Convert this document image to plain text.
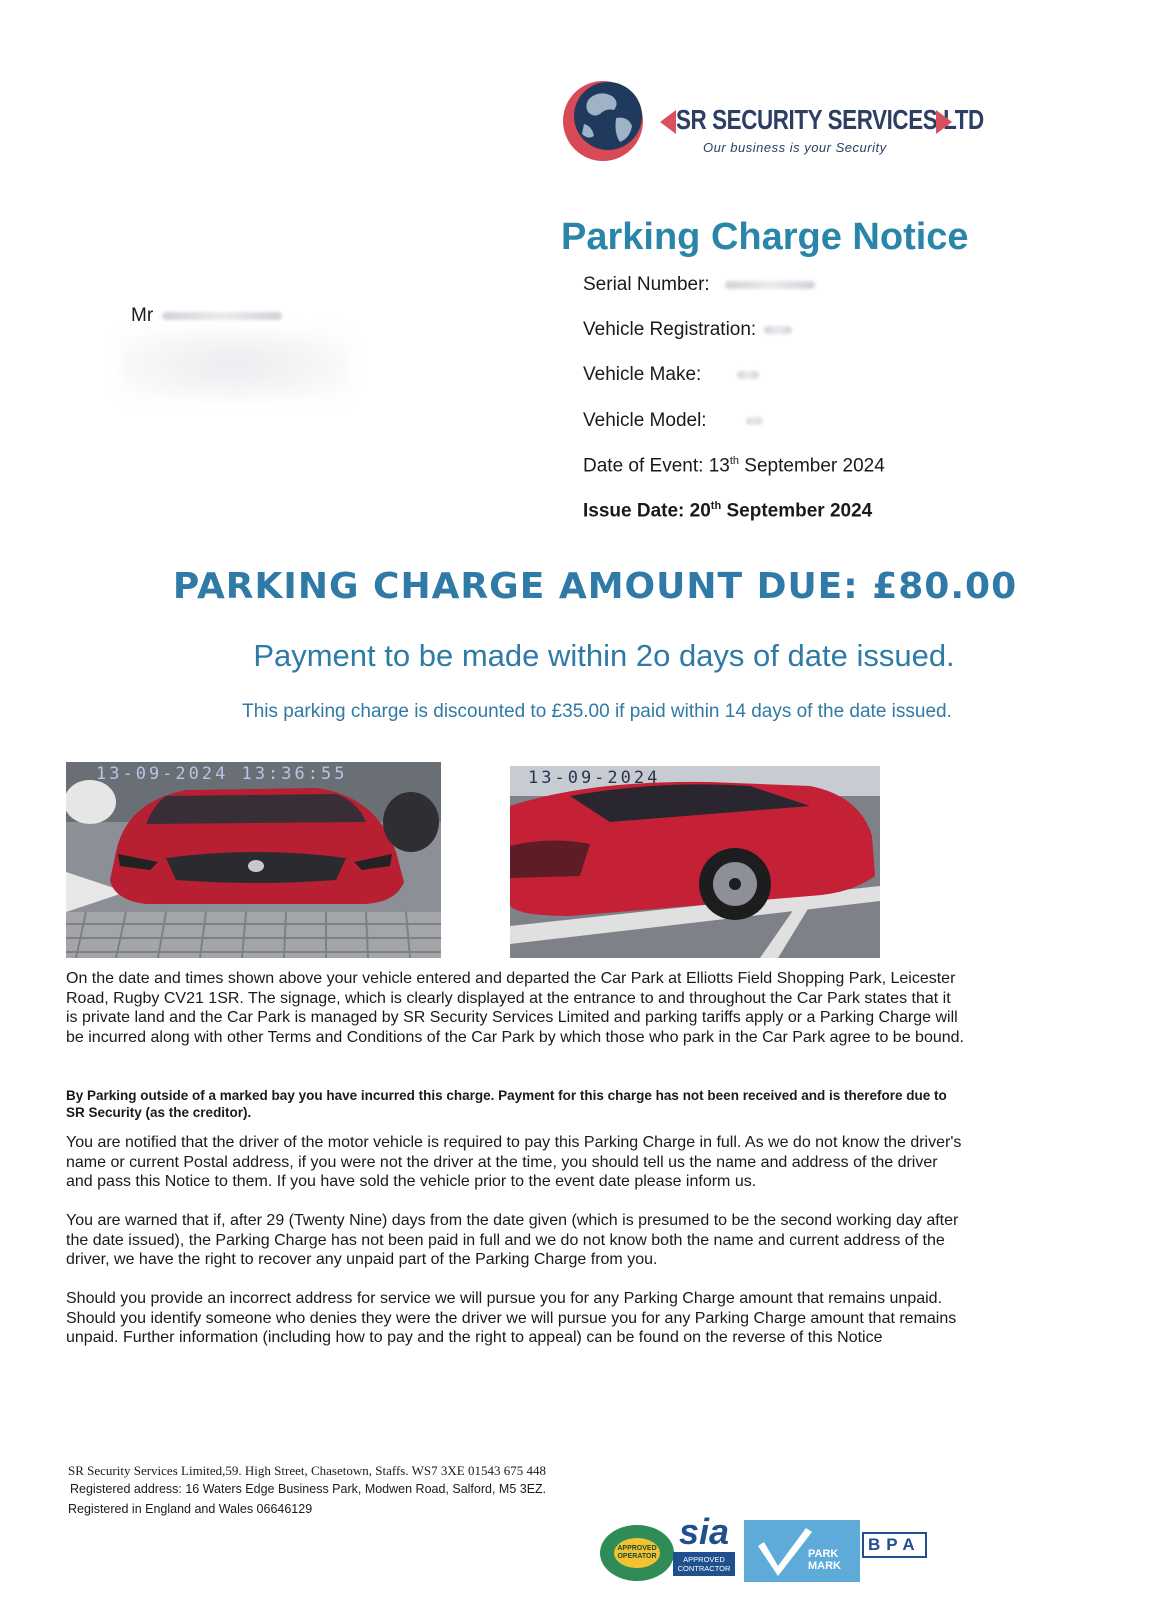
SR SECURITY SERVICES LTD
Our business is your Security
Parking Charge Notice
Serial Number:
Vehicle Registration:
Vehicle Make:
Vehicle Model:
Date of Event: 13th September 2024
Issue Date: 20th September 2024
Mr
PARKING CHARGE AMOUNT DUE: £80.00
Payment to be made within 2o days of date issued.
This parking charge is discounted to £35.00 if paid within 14 days of the date issued.
13-09-2024 13:36:55	13-09-2024
On the date and times shown above your vehicle entered and departed the Car Park at Elliotts Field Shopping Park, Leicester Road, Rugby CV21 1SR. The signage, which is clearly displayed at the entrance to and throughout the Car Park states that it is private land and the Car Park is managed by SR Security Services Limited and parking tariffs apply or a Parking Charge will be incurred along with other Terms and Conditions of the Car Park by which those who park in the Car Park agree to be bound.
By Parking outside of a marked bay you have incurred this charge. Payment for this charge has not been received and is therefore due to SR Security (as the creditor).
You are notified that the driver of the motor vehicle is required to pay this Parking Charge in full. As we do not know the driver's name or current Postal address, if you were not the driver at the time, you should tell us the name and address of the driver and pass this Notice to them. If you have sold the vehicle prior to the event date please inform us.
You are warned that if, after 29 (Twenty Nine) days from the date given (which is presumed to be the second working day after the date issued), the Parking Charge has not been paid in full and we do not know both the name and current address of the driver, we have the right to recover any unpaid part of the Parking Charge from you.
Should you provide an incorrect address for service we will pursue you for any Parking Charge amount that remains unpaid. Should you identify someone who denies they were the driver we will pursue you for any Parking Charge amount that remains unpaid. Further information (including how to pay and the right to appeal) can be found on the reverse of this Notice
SR Security Services Limited,59. High Street, Chasetown, Staffs. WS7 3XE 01543 675 448
Registered address: 16 Waters Edge Business Park, Modwen Road, Salford, M5 3EZ.
Registered in England and Wales 06646129
APPROVED OPERATOR
sia
APPROVED CONTRACTOR
PARK MARK
BPA
